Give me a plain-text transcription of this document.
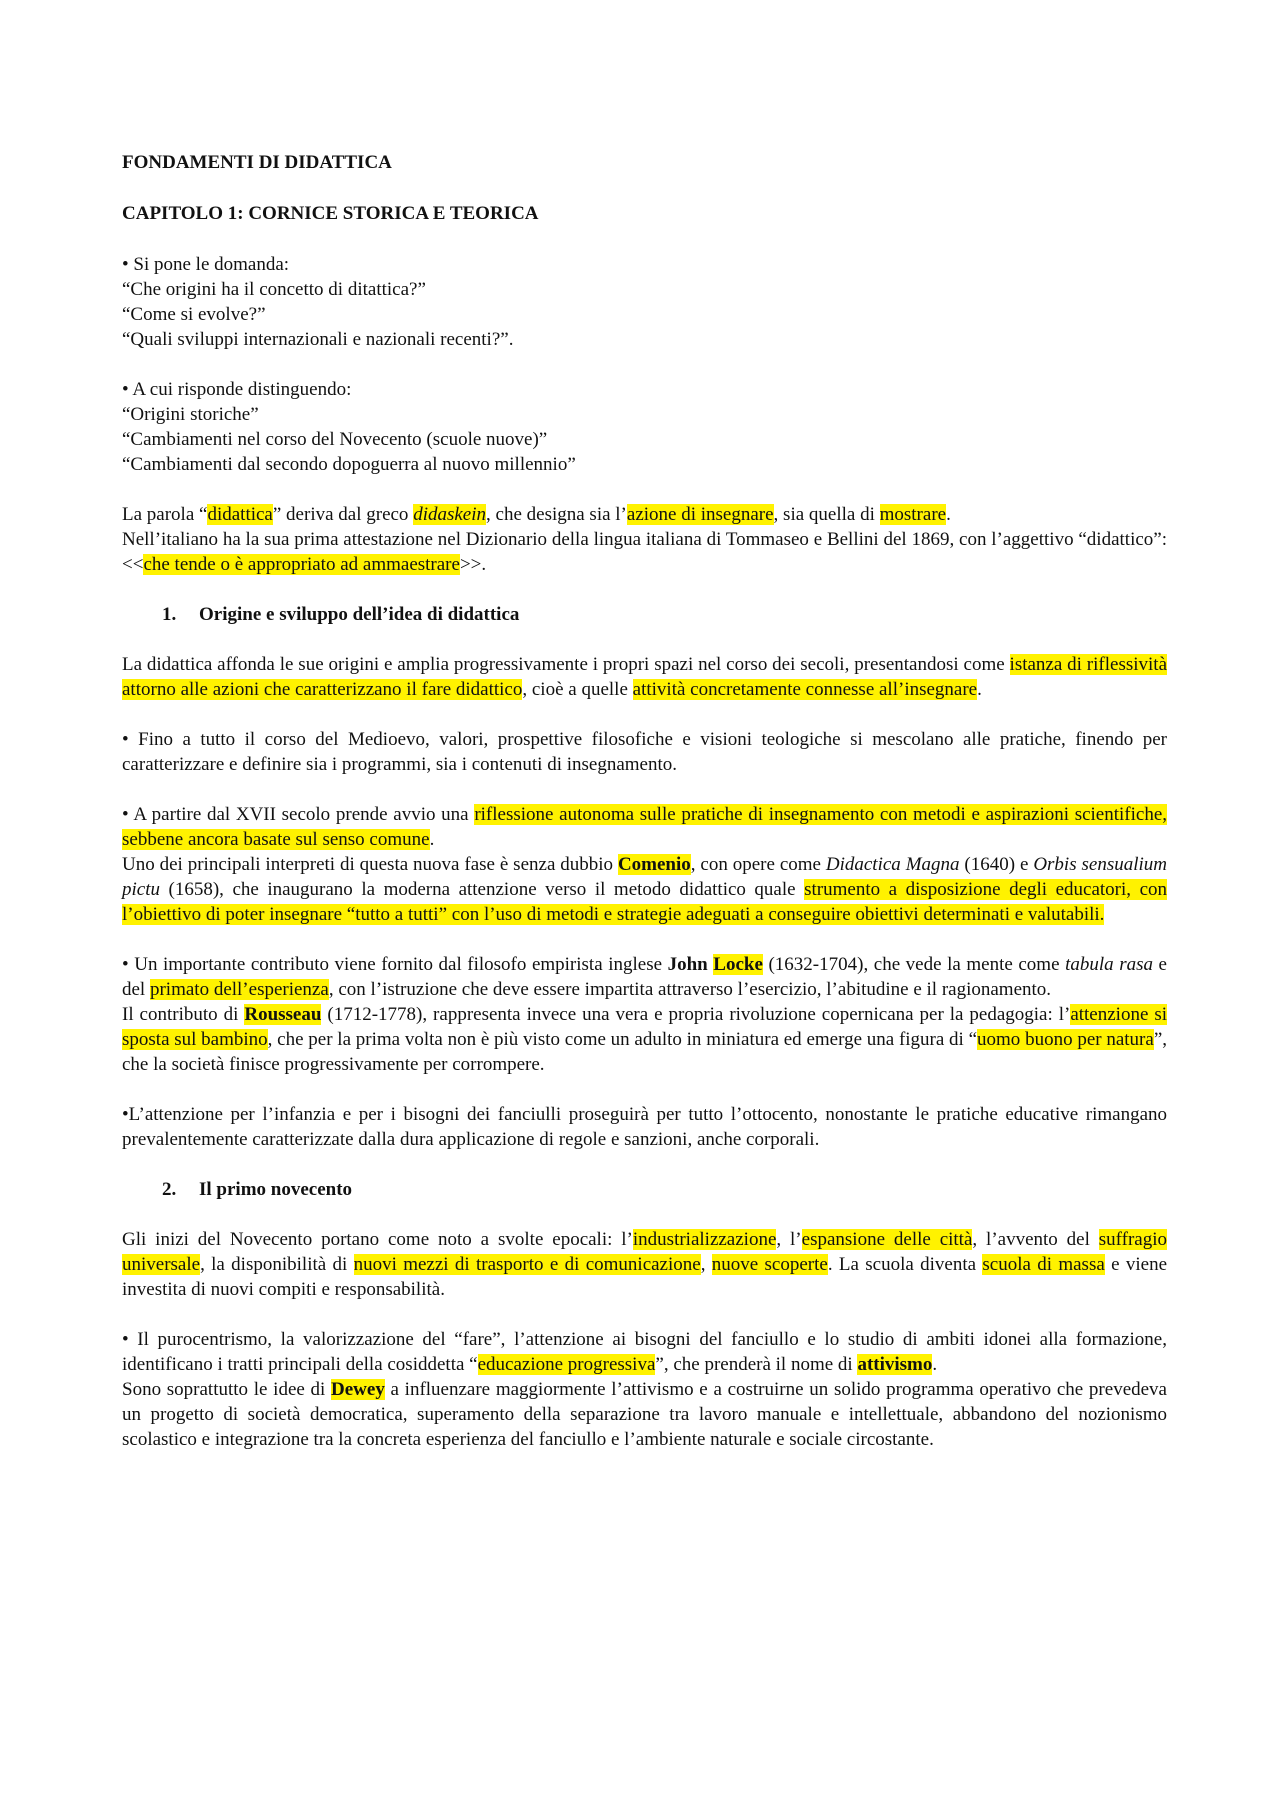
FONDAMENTI DI DIDATTICA
CAPITOLO 1: CORNICE STORICA E TEORICA

• Si pone le domanda:

“Che origini ha il concetto di ditattica?”

“Come si evolve?”

“Quali sviluppi internazionali e nazionali recenti?”.

• A cui risponde distinguendo:

“Origini storiche”

“Cambiamenti nel corso del Novecento (scuole nuove)”

“Cambiamenti dal secondo dopoguerra al nuovo millennio”

La parola “didattica” deriva dal greco didaskein, che designa sia l’azione di insegnare, sia quella di mostrare.

Nell’italiano ha la sua prima attestazione nel Dizionario della lingua italiana di Tommaseo e Bellini del 1869, con l’aggettivo “didattico”: <<che tende o è appropriato ad ammaestrare>>.

1. Origine e sviluppo dell’idea di didattica

La didattica affonda le sue origini e amplia progressivamente i propri spazi nel corso dei secoli, presentandosi come istanza di riflessività attorno alle azioni che caratterizzano il fare didattico, cioè a quelle attività concretamente connesse all’insegnare.

• Fino a tutto il corso del Medioevo, valori, prospettive filosofiche e visioni teologiche si mescolano alle pratiche, finendo per caratterizzare e definire sia i programmi, sia i contenuti di insegnamento.

• A partire dal XVII secolo prende avvio una riflessione autonoma sulle pratiche di insegnamento con metodi e aspirazioni scientifiche, sebbene ancora basate sul senso comune.

Uno dei principali interpreti di questa nuova fase è senza dubbio Comenio, con opere come Didactica Magna (1640) e Orbis sensualium pictu (1658), che inaugurano la moderna attenzione verso il metodo didattico quale strumento a disposizione degli educatori, con l’obiettivo di poter insegnare “tutto a tutti” con l’uso di metodi e strategie adeguati a conseguire obiettivi determinati e valutabili.

• Un importante contributo viene fornito dal filosofo empirista inglese John Locke (1632-1704), che vede la mente come tabula rasa e del primato dell’esperienza, con l’istruzione che deve essere impartita attraverso l’esercizio, l’abitudine e il ragionamento.

Il contributo di Rousseau (1712-1778), rappresenta invece una vera e propria rivoluzione copernicana per la pedagogia: l’attenzione si sposta sul bambino, che per la prima volta non è più visto come un adulto in miniatura ed emerge una figura di “uomo buono per natura”, che la società finisce progressivamente per corrompere.

•L’attenzione per l’infanzia e per i bisogni dei fanciulli proseguirà per tutto l’ottocento, nonostante le pratiche educative rimangano prevalentemente caratterizzate dalla dura applicazione di regole e sanzioni, anche corporali.

2. Il primo novecento

Gli inizi del Novecento portano come noto a svolte epocali: l’industrializzazione, l’espansione delle città, l’avvento del suffragio universale, la disponibilità di nuovi mezzi di trasporto e di comunicazione, nuove scoperte. La scuola diventa scuola di massa e viene investita di nuovi compiti e responsabilità.

• Il purocentrismo, la valorizzazione del “fare”, l’attenzione ai bisogni del fanciullo e lo studio di ambiti idonei alla formazione, identificano i tratti principali della cosiddetta “educazione progressiva”, che prenderà il nome di attivismo.

Sono soprattutto le idee di Dewey a influenzare maggiormente l’attivismo e a costruirne un solido programma operativo che prevedeva un progetto di società democratica, superamento della separazione tra lavoro manuale e intellettuale, abbandono del nozionismo scolastico e integrazione tra la concreta esperienza del fanciullo e l’ambiente naturale e sociale circostante.
